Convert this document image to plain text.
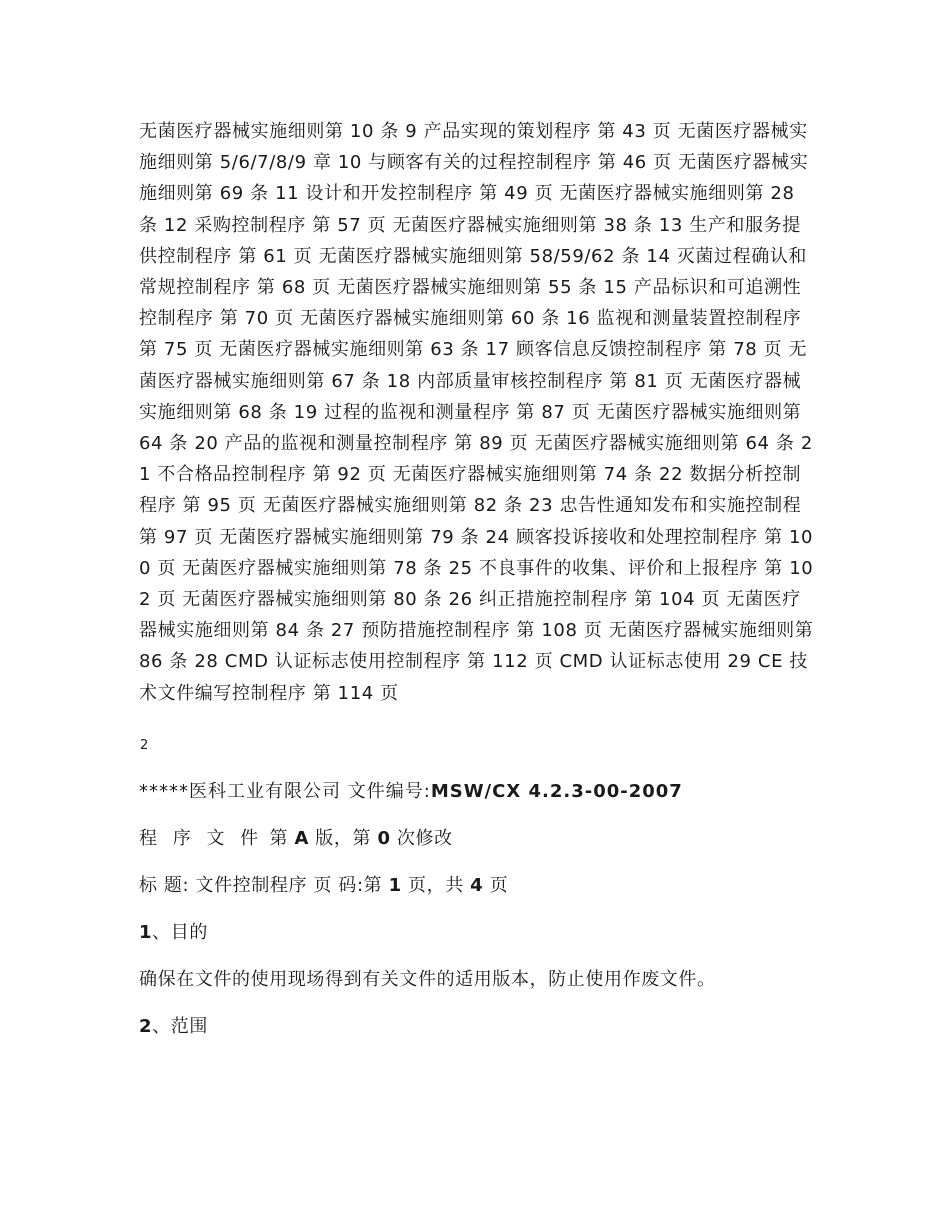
无菌医疗器械实施细则第 10 条 9 产品实现的策划程序 第 43 页 无菌医疗器械实施细则第 5/6/7/8/9 章 10 与顾客有关的过程控制程序 第 46 页 无菌医疗器械实施细则第 69 条 11 设计和开发控制程序 第 49 页 无菌医疗器械实施细则第 28 条 12 采购控制程序 第 57 页 无菌医疗器械实施细则第 38 条 13 生产和服务提供控制程序 第 61 页 无菌医疗器械实施细则第 58/59/62 条 14 灭菌过程确认和常规控制程序 第 68 页 无菌医疗器械实施细则第 55 条 15 产品标识和可追溯性控制程序 第 70 页 无菌医疗器械实施细则第 60 条 16 监视和测量装置控制程序 第 75 页 无菌医疗器械实施细则第 63 条 17 顾客信息反馈控制程序 第 78 页 无菌医疗器械实施细则第 67 条 18 内部质量审核控制程序 第 81 页 无菌医疗器械实施细则第 68 条 19 过程的监视和测量程序 第 87 页 无菌医疗器械实施细则第 64 条 20 产品的监视和测量控制程序 第 89 页 无菌医疗器械实施细则第 64 条 21 不合格品控制程序 第 92 页 无菌医疗器械实施细则第 74 条 22 数据分析控制程序 第 95 页 无菌医疗器械实施细则第 82 条 23 忠告性通知发布和实施控制程 第 97 页 无菌医疗器械实施细则第 79 条 24 顾客投诉接收和处理控制程序 第 100 页 无菌医疗器械实施细则第 78 条 25 不良事件的收集、评价和上报程序 第 102 页 无菌医疗器械实施细则第 80 条 26 纠正措施控制程序 第 104 页 无菌医疗器械实施细则第 84 条 27 预防措施控制程序 第 108 页 无菌医疗器械实施细则第 86 条 28 CMD 认证标志使用控制程序 第 112 页 CMD 认证标志使用 29 CE 技术文件编写控制程序 第 114 页

2

*****医科工业有限公司 文件编号:MSW/CX 4.2.3-00-2007

程 序 文 件 第 A 版，第 0 次修改

标 题: 文件控制程序 页 码:第 1 页，共 4 页

1、目的

确保在文件的使用现场得到有关文件的适用版本，防止使用作废文件。

2、范围
